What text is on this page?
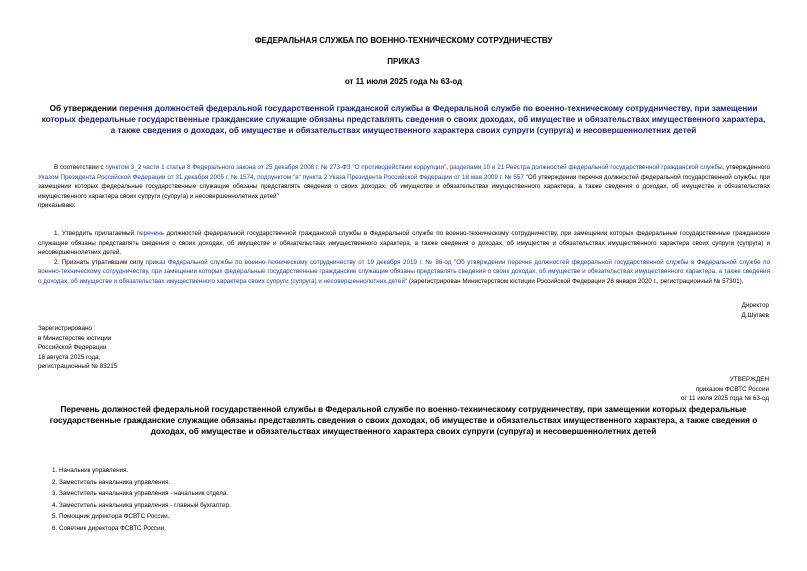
ФЕДЕРАЛЬНАЯ СЛУЖБА ПО ВОЕННО-ТЕХНИЧЕСКОМУ СОТРУДНИЧЕСТВУ
ПРИКАЗ
от 11 июля 2025 года № 63-од
Об утверждении перечня должностей федеральной государственной гражданской службы в Федеральной службе по военно-техническому сотрудничеству, при замещении которых федеральные государственные гражданские служащие обязаны представлять сведения о своих доходах, об имуществе и обязательствах имущественного характера, а также сведения о доходах, об имуществе и обязательствах имущественного характера своих супруги (супруга) и несовершеннолетних детей

В соответствии с пунктом 3_2 части 1 статьи 8 Федерального закона от 25 декабря 2008 г. № 273-ФЗ "О противодействии коррупции", разделами 10 и 21 Реестра должностей федеральной государственной гражданской службы, утвержденного Указом Президента Российской Федерации от 31 декабря 2005 г. № 1574, подпунктом "а" пункта 2 Указа Президента Российской Федерации от 18 мая 2009 г. № 557 "Об утверждении перечня должностей федеральной государственной службы, при замещении которых федеральные государственные служащие обязаны представлять сведения о своих доходах, об имуществе и обязательствах имущественного характера, а также сведения о доходах, об имуществе и обязательствах имущественного характера своих супруги (супруга) и несовершеннолетних детей"

приказываю:

1. Утвердить прилагаемый перечень должностей федеральной государственной гражданской службы в Федеральной службе по военно-техническому сотрудничеству, при замещении которых федеральные государственные гражданские служащие обязаны представлять сведения о своих доходах, об имуществе и обязательствах имущественного характера, а также сведения о доходах, об имуществе и обязательствах имущественного характера своих супруги (супруга) и несовершеннолетних детей.

2. Признать утратившим силу приказ Федеральной службы по военно-техническому сотрудничеству от 19 декабря 2019 г. № 86-од "Об утверждении перечня должностей федеральной государственной службы в Федеральной службе по военно-техническому сотрудничеству, при замещении которых федеральные государственные гражданские служащие обязаны представлять сведения о своих доходах, об имуществе и обязательствах имущественного характера, а также сведения о доходах, об имуществе и обязательствах имущественного характера своих супруги (супруга) и несовершеннолетних детей" (зарегистрирован Министерством юстиции Российской Федерации 28 января 2020 г., регистрационный № 57301).

Директор
Д.Шугаев
Зарегистрировано
в Министерстве юстиции
Российской Федерации
18 августа 2025 года,
регистрационный № 83215
УТВЕРЖДЕН
приказом ФСВТС России
от 11 июля 2025 года № 63-од
Перечень должностей федеральной государственной службы в Федеральной службе по военно-техническому сотрудничеству, при замещении которых федеральные государственные гражданские служащие обязаны представлять сведения о своих доходах, об имуществе и обязательствах имущественного характера, а также сведения о доходах, об имуществе и обязательствах имущественного характера своих супруги (супруга) и несовершеннолетних детей
1. Начальник управления.
2. Заместитель начальника управления.
3. Заместитель начальника управления - начальник отдела.
4. Заместитель начальника управления - главный бухгалтер.
5. Помощник директора ФСВТС России.
6. Советник директора ФСВТС России.
